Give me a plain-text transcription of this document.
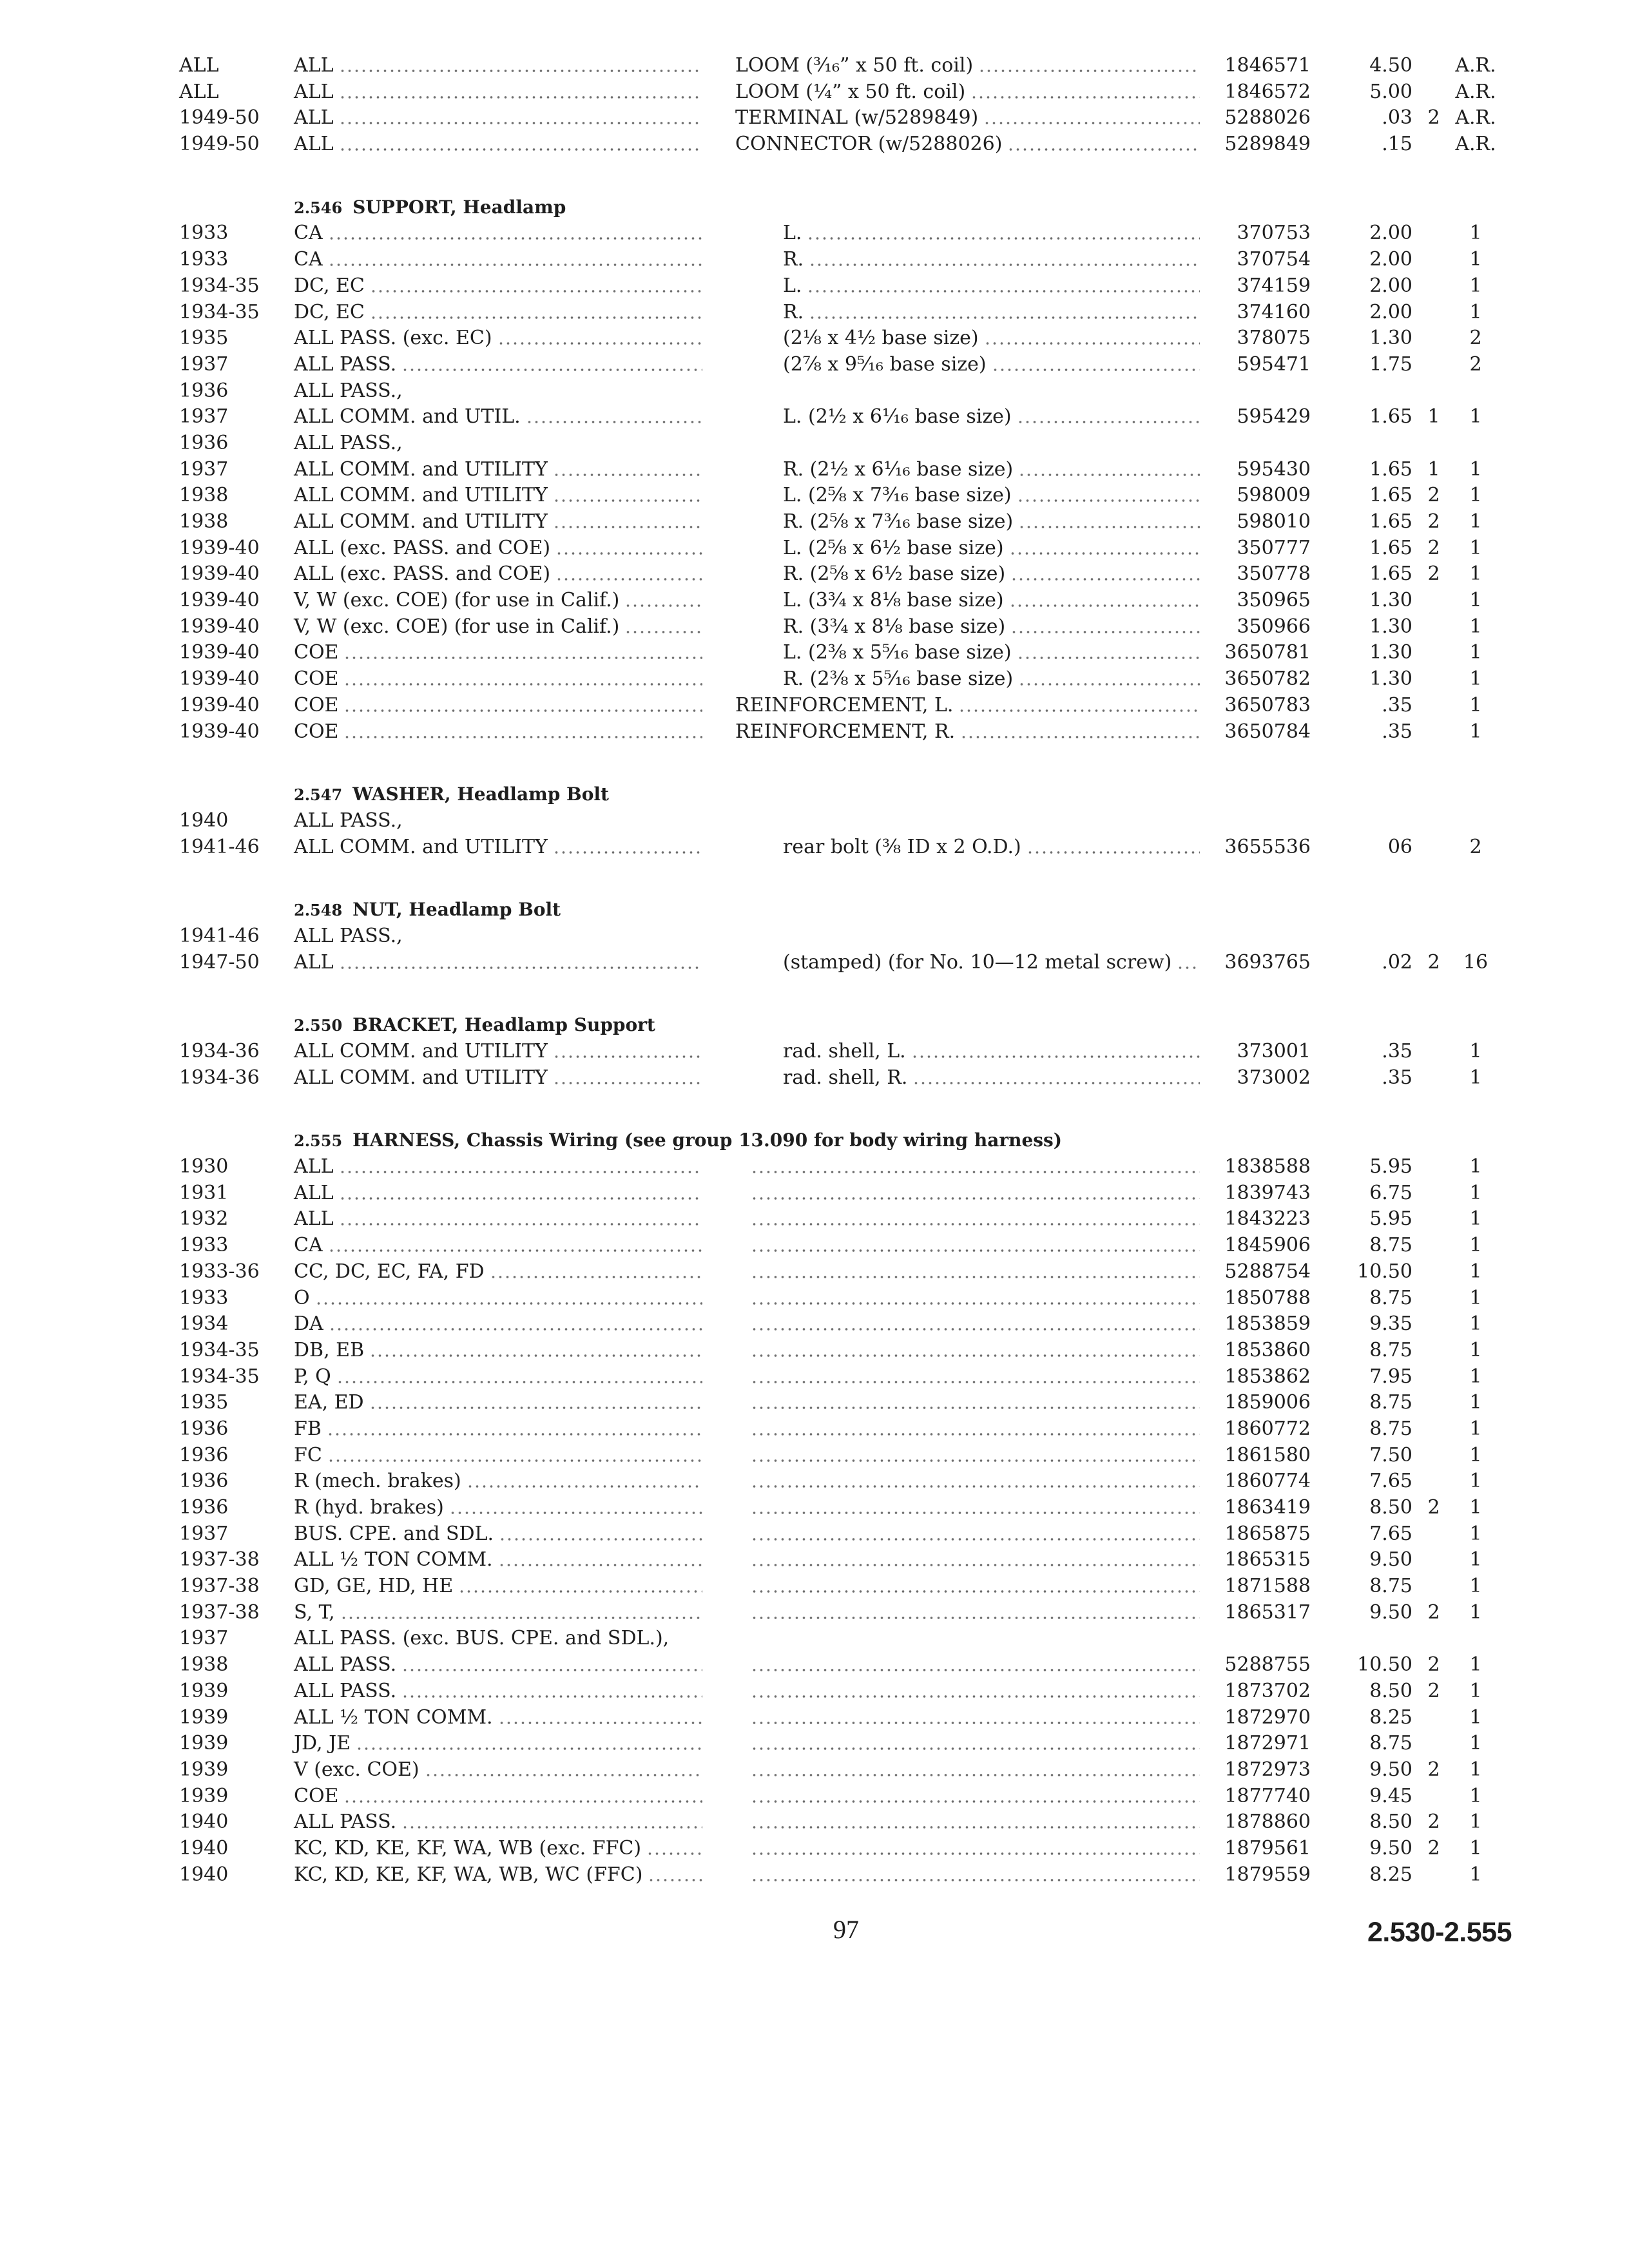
ALL	ALL	LOOM (³⁄₁₆” x 50 ft. coil)	1846571	4.50	A.R.
ALL	ALL	LOOM (¼” x 50 ft. coil)	1846572	5.00	A.R.
1949-50 ALL	TERMINAL (w/5289849)	5288026	.03 2 A.R.
1949-50 ALL	CONNECTOR (w/5288026)	5289849	.15	A.R.
2.546 SUPPORT, Headlamp
1933	CA	L.	370753	2.00	1
1933	CA	R.	370754	2.00	1
1934-35 DC, EC	L.	374159	2.00	1
1934-35 DC, EC	R.	374160	2.00	1
1935	ALL PASS. (exc. EC)	(2⅛ x 4½ base size)	378075	1.30	2
1937	ALL PASS.	(2⅞ x 9⁵⁄₁₆ base size)	595471	1.75	2
1936	ALL PASS.,
1937	ALL COMM. and UTIL.	L. (2½ x 6¹⁄₁₆ base size)	595429	1.65 1	1
1936	ALL PASS.,
1937	ALL COMM. and UTILITY	R. (2½ x 6¹⁄₁₆ base size)	595430	1.65 1	1
1938	ALL COMM. and UTILITY	L. (2⅝ x 7³⁄₁₆ base size)	598009	1.65 2	1
1938	ALL COMM. and UTILITY	R. (2⅝ x 7³⁄₁₆ base size)	598010	1.65 2	1
1939-40 ALL (exc. PASS. and COE)	L. (2⅝ x 6½ base size)	350777	1.65 2	1
1939-40 ALL (exc. PASS. and COE)	R. (2⅝ x 6½ base size)	350778	1.65 2	1
1939-40 V, W (exc. COE) (for use in Calif.)	L. (3¾ x 8⅛ base size)	350965	1.30	1
1939-40 V, W (exc. COE) (for use in Calif.)	R. (3¾ x 8⅛ base size)	350966	1.30	1
1939-40 COE	L. (2⅜ x 5⁵⁄₁₆ base size)	3650781	1.30	1
1939-40 COE	R. (2⅜ x 5⁵⁄₁₆ base size)	3650782	1.30	1
1939-40 COE	REINFORCEMENT, L.	3650783	.35	1
1939-40 COE	REINFORCEMENT, R.	3650784	.35	1
2.547 WASHER, Headlamp Bolt
1940	ALL PASS.,
1941-46 ALL COMM. and UTILITY	rear bolt (⅜ ID x 2 O.D.)	3655536	06	2
2.548 NUT, Headlamp Bolt
1941-46 ALL PASS.,
1947-50 ALL	(stamped) (for No. 10—12 metal screw)	3693765	.02 2	16
2.550 BRACKET, Headlamp Support
1934-36 ALL COMM. and UTILITY	rad. shell, L.	373001	.35	1
1934-36 ALL COMM. and UTILITY	rad. shell, R.	373002	.35	1
2.555 HARNESS, Chassis Wiring (see group 13.090 for body wiring harness)
1930	ALL	1838588	5.95	1
1931	ALL	1839743	6.75	1
1932	ALL	1843223	5.95	1
1933	CA	1845906	8.75	1
1933-36 CC, DC, EC, FA, FD	5288754	10.50	1
1933	O	1850788	8.75	1
1934	DA	1853859	9.35	1
1934-35 DB, EB	1853860	8.75	1
1934-35 P, Q	1853862	7.95	1
1935	EA, ED	1859006	8.75	1
1936	FB	1860772	8.75	1
1936	FC	1861580	7.50	1
1936	R (mech. brakes)	1860774	7.65	1
1936	R (hyd. brakes)	1863419	8.50 2	1
1937	BUS. CPE. and SDL.	1865875	7.65	1
1937-38 ALL ½ TON COMM.	1865315	9.50	1
1937-38 GD, GE, HD, HE	1871588	8.75	1
1937-38 S, T,	1865317	9.50 2	1
1937	ALL PASS. (exc. BUS. CPE. and SDL.),
1938	ALL PASS.	5288755	10.50 2	1
1939	ALL PASS.	1873702	8.50 2	1
1939	ALL ½ TON COMM.	1872970	8.25	1
1939	JD, JE	1872971	8.75	1
1939	V (exc. COE)	1872973	9.50 2	1
1939	COE	1877740	9.45	1
1940	ALL PASS.	1878860	8.50 2	1
1940	KC, KD, KE, KF, WA, WB (exc. FFC)	1879561	9.50 2	1
1940	KC, KD, KE, KF, WA, WB, WC (FFC)	1879559	8.25	1
97	2.530-2.555
